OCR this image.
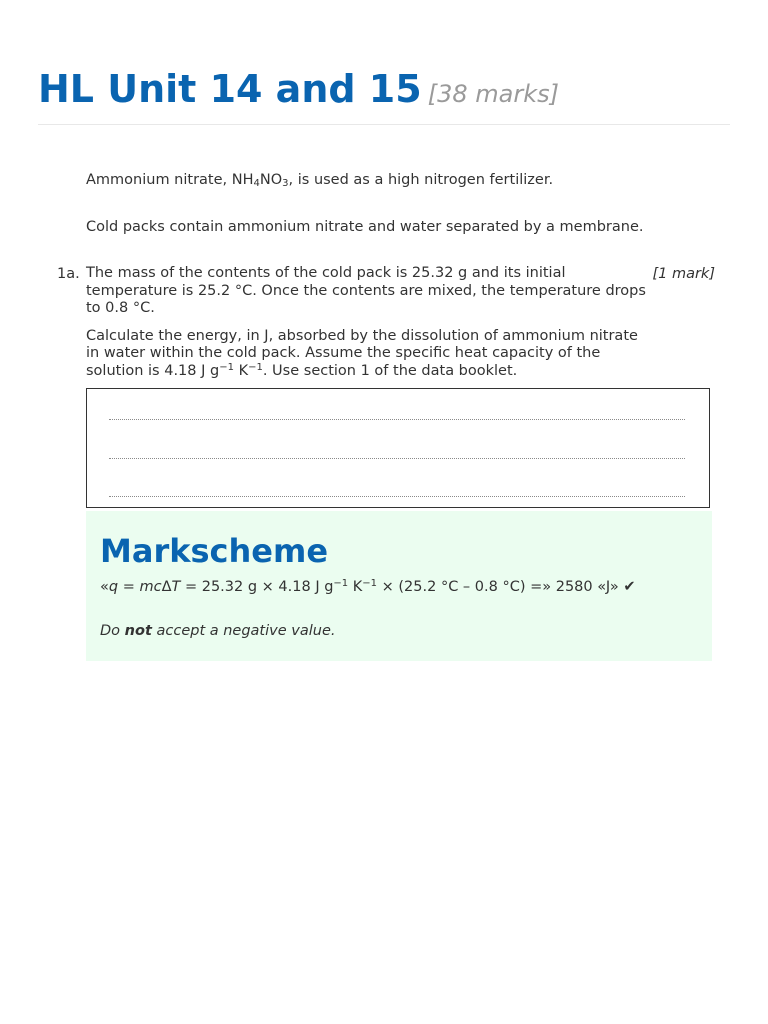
HL Unit 14 and 15 [38 marks]
Ammonium nitrate, $NH_4NO_3$, is used as a high nitrogen fertilizer.
Cold packs contain ammonium nitrate and water separated by a membrane.
1a.	[1 mark]

The mass of the contents of the cold pack is 25.32 g and its initial temperature is 25.2 °C. Once the contents are mixed, the temperature drops to 0.8 °C.

Calculate the energy, in J, absorbed by the dissolution of ammonium nitrate in water within the cold pack. Assume the specific heat capacity of the solution is 4.18 J $g^{-1}$ $K^{-1}$. Use section 1 of the data booklet.

Markscheme
«q = mcΔT = 25.32 g × 4.18 J $g^{-1}$ $K^{-1} \times (25.2$ °C – 0.8 °C) =» 2580 «J» ✔
Do not accept a negative value.
